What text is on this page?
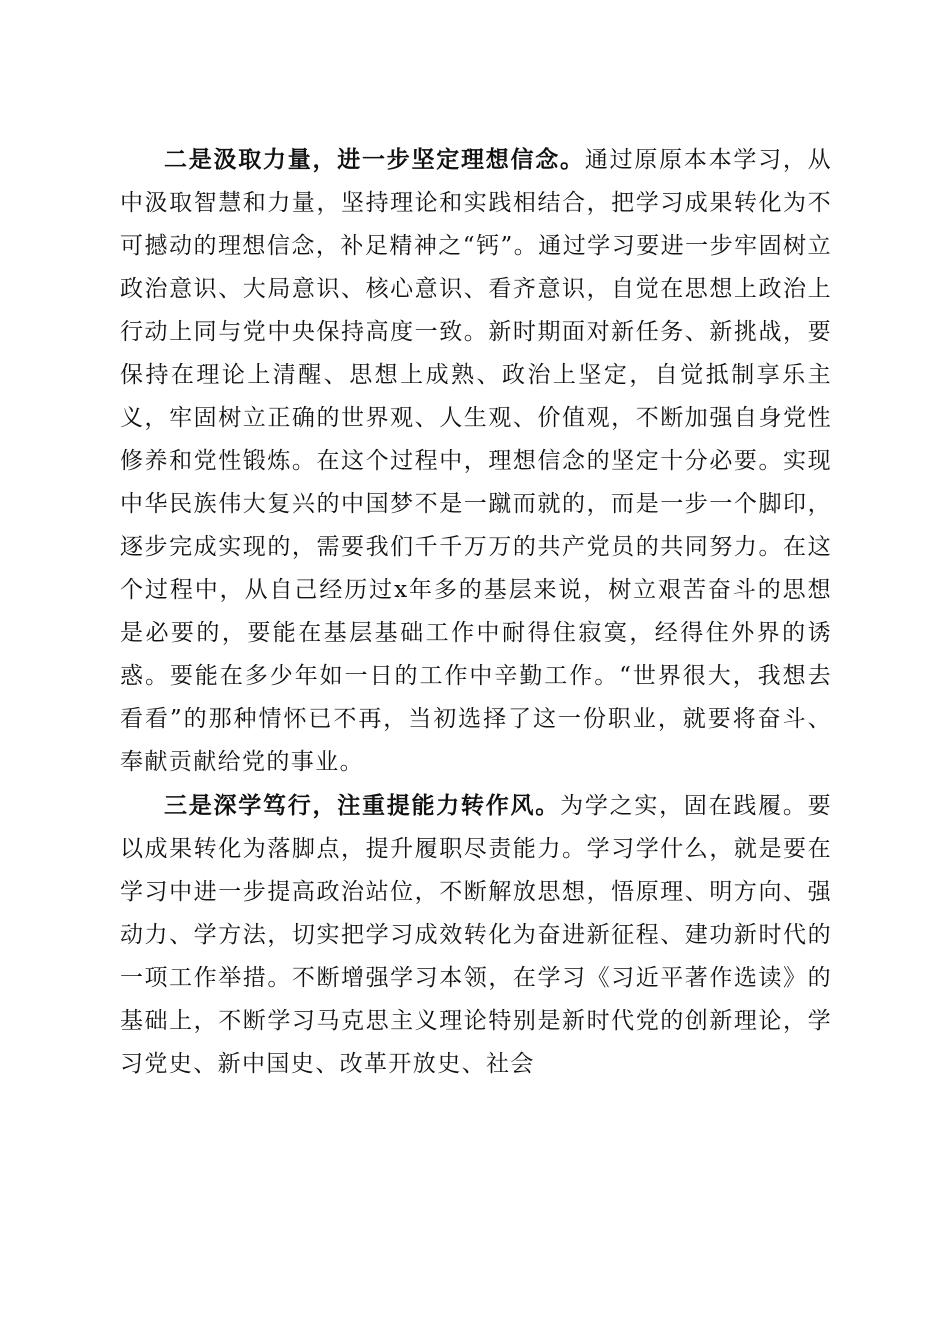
二是汲取力量，进一步坚定理想信念。通过原原本本学习，从中汲取智慧和力量，坚持理论和实践相结合，把学习成果转化为不可撼动的理想信念，补足精神之“钙”。通过学习要进一步牢固树立政治意识、大局意识、核心意识、看齐意识，自觉在思想上政治上行动上同与党中央保持高度一致。新时期面对新任务、新挑战，要保持在理论上清醒、思想上成熟、政治上坚定，自觉抵制享乐主义，牢固树立正确的世界观、人生观、价值观，不断加强自身党性修养和党性锻炼。在这个过程中，理想信念的坚定十分必要。实现中华民族伟大复兴的中国梦不是一蹴而就的，而是一步一个脚印，逐步完成实现的，需要我们千千万万的共产党员的共同努力。在这个过程中，从自己经历过x年多的基层来说，树立艰苦奋斗的思想是必要的，要能在基层基础工作中耐得住寂寞，经得住外界的诱惑。要能在多少年如一日的工作中辛勤工作。“世界很大，我想去看看”的那种情怀已不再，当初选择了这一份职业，就要将奋斗、奉献贡献给党的事业。

三是深学笃行，注重提能力转作风。为学之实，固在践履。要以成果转化为落脚点，提升履职尽责能力。学习学什么，就是要在学习中进一步提高政治站位，不断解放思想，悟原理、明方向、强动力、学方法，切实把学习成效转化为奋进新征程、建功新时代的一项工作举措。不断增强学习本领，在学习《习近平著作选读》的基础上，不断学习马克思主义理论特别是新时代党的创新理论，学习党史、新中国史、改革开放史、社会
